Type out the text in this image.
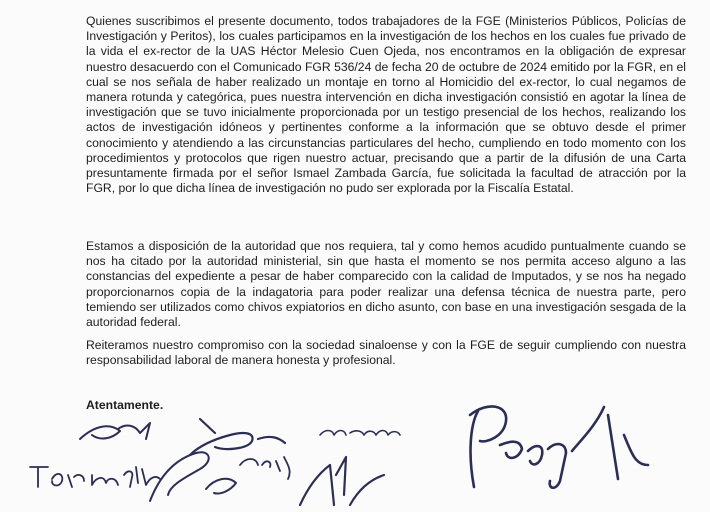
Quienes suscribimos el presente documento, todos trabajadores de la FGE (Ministerios Públicos, Policías de Investigación y Peritos), los cuales participamos en la investigación de los hechos en los cuales fue privado de la vida el ex-rector de la UAS Héctor Melesio Cuen Ojeda, nos encontramos en la obligación de expresar nuestro desacuerdo con el Comunicado FGR 536/24 de fecha 20 de octubre de 2024 emitido por la FGR, en el cual se nos señala de haber realizado un montaje en torno al Homicidio del ex-rector, lo cual negamos de manera rotunda y categórica, pues nuestra intervención en dicha investigación consistió en agotar la línea de investigación que se tuvo inicialmente proporcionada por un testigo presencial de los hechos, realizando los actos de investigación idóneos y pertinentes conforme a la información que se obtuvo desde el primer conocimiento y atendiendo a las circunstancias particulares del hecho, cumpliendo en todo momento con los procedimientos y protocolos que rigen nuestro actuar, precisando que a partir de la difusión de una Carta presuntamente firmada por el señor Ismael Zambada García, fue solicitada la facultad de atracción por la FGR, por lo que dicha línea de investigación no pudo ser explorada por la Fiscalía Estatal.

Estamos a disposición de la autoridad que nos requiera, tal y como hemos acudido puntualmente cuando se nos ha citado por la autoridad ministerial, sin que hasta el momento se nos permita acceso alguno a las constancias del expediente a pesar de haber comparecido con la calidad de Imputados, y se nos ha negado proporcionarnos copia de la indagatoria para poder realizar una defensa técnica de nuestra parte, pero temiendo ser utilizados como chivos expiatorios en dicho asunto, con base en una investigación sesgada de la autoridad federal.

Reiteramos nuestro compromiso con la sociedad sinaloense y con la FGE de seguir cumpliendo con nuestra responsabilidad laboral de manera honesta y profesional.

Atentamente.
